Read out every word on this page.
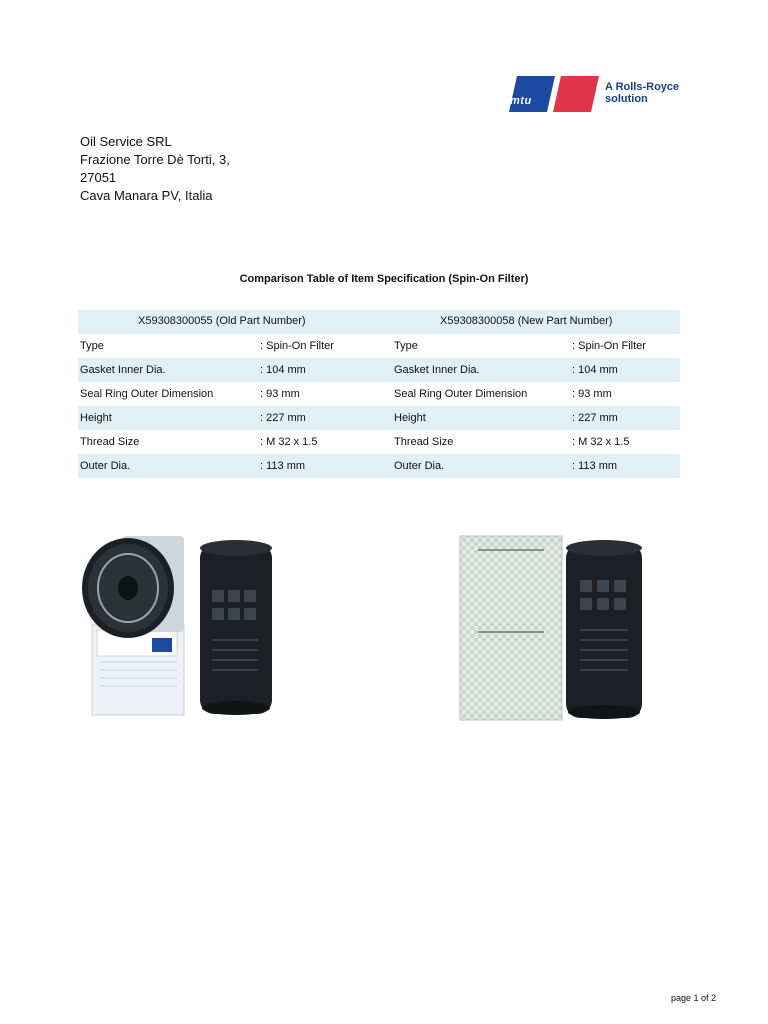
mtu
A Rolls-Royce
solution
Oil Service SRL
Frazione Torre Dè Torti, 3,
27051
Cava Manara PV, Italia
Comparison Table of Item Specification (Spin-On Filter)
X59308300055 (Old Part Number)	X59308300058 (New Part Number)
Type	: Spin-On Filter	Type	: Spin-On Filter
Gasket Inner Dia.	: 104 mm	Gasket Inner Dia.	: 104 mm
Seal Ring Outer Dimension	: 93 mm	Seal Ring Outer Dimension	: 93 mm
Height	: 227 mm	Height	: 227 mm
Thread Size	: M 32 x 1.5	Thread Size	: M 32 x 1.5
Outer Dia.	: 113 mm	Outer Dia.	: 113 mm
page 1 of 2
